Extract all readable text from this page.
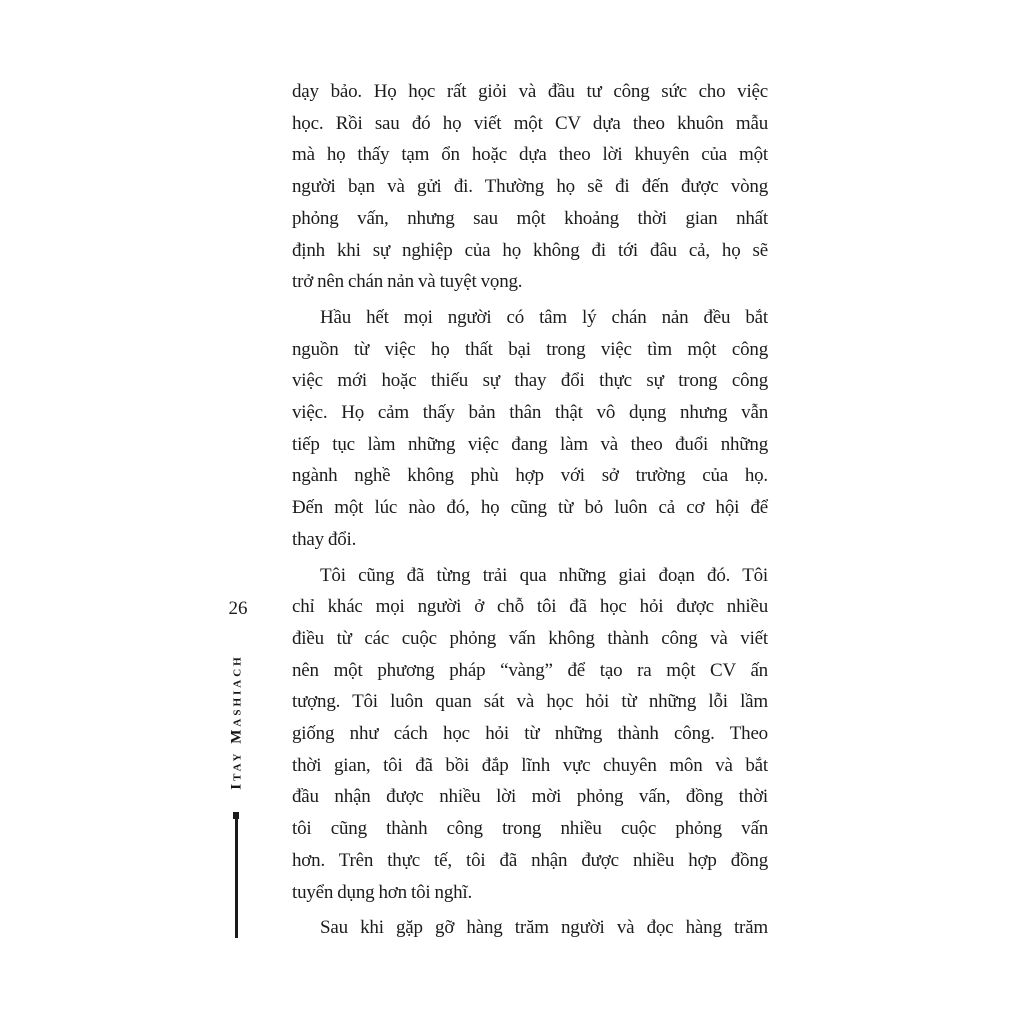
26
Itay Mashiach
dạy bảo. Họ học rất giỏi và đầu tư công sức cho việc
học. Rồi sau đó họ viết một CV dựa theo khuôn mẫu
mà họ thấy tạm ổn hoặc dựa theo lời khuyên của một
người bạn và gửi đi. Thường họ sẽ đi đến được vòng
phỏng vấn, nhưng sau một khoảng thời gian nhất
định khi sự nghiệp của họ không đi tới đâu cả, họ sẽ
trở nên chán nản và tuyệt vọng.
Hầu hết mọi người có tâm lý chán nản đều bắt
nguồn từ việc họ thất bại trong việc tìm một công
việc mới hoặc thiếu sự thay đổi thực sự trong công
việc. Họ cảm thấy bản thân thật vô dụng nhưng vẫn
tiếp tục làm những việc đang làm và theo đuổi những
ngành nghề không phù hợp với sở trường của họ.
Đến một lúc nào đó, họ cũng từ bỏ luôn cả cơ hội để
thay đổi.
Tôi cũng đã từng trải qua những giai đoạn đó. Tôi
chỉ khác mọi người ở chỗ tôi đã học hỏi được nhiều
điều từ các cuộc phỏng vấn không thành công và viết
nên một phương pháp “vàng” để tạo ra một CV ấn
tượng. Tôi luôn quan sát và học hỏi từ những lỗi lầm
giống như cách học hỏi từ những thành công. Theo
thời gian, tôi đã bồi đắp lĩnh vực chuyên môn và bắt
đầu nhận được nhiều lời mời phỏng vấn, đồng thời
tôi cũng thành công trong nhiều cuộc phỏng vấn
hơn. Trên thực tế, tôi đã nhận được nhiều hợp đồng
tuyển dụng hơn tôi nghĩ.
Sau khi gặp gỡ hàng trăm người và đọc hàng trăm
